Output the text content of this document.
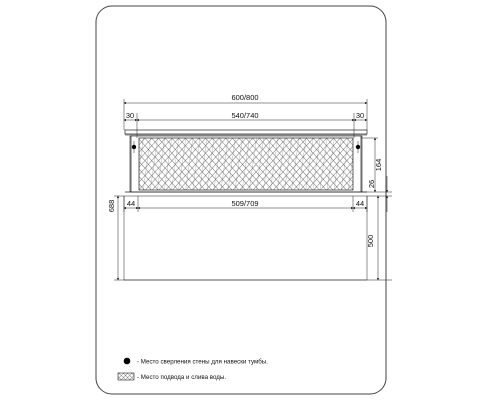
600/800
30	540/740	30
44	509/709	44
164
26
500
688
- Место сверления стены для навески тумбы.
- Место подвода и слива воды.
